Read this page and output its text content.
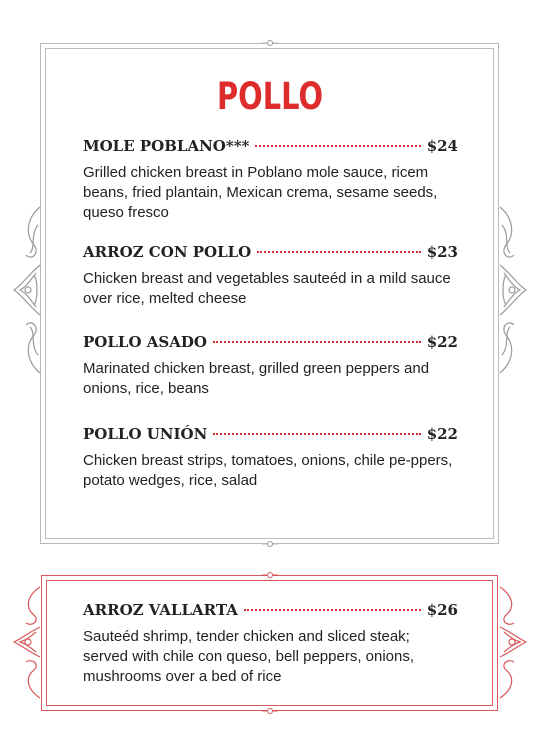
POLLO
MOLE POBLANO***	$24
Grilled chicken breast in Poblano mole sauce, ricem beans, fried plantain, Mexican crema, sesame seeds, queso fresco
ARROZ CON POLLO	$23
Chicken breast and vegetables sauteéd in a mild sauce over rice, melted cheese
POLLO ASADO	$22
Marinated chicken breast, grilled green peppers and onions, rice, beans
POLLO UNIÓN	$22
Chicken breast strips, tomatoes, onions, chile pe-ppers, potato wedges, rice, salad
ARROZ VALLARTA	$26
Sauteéd shrimp, tender chicken and sliced steak; served with chile con queso, bell peppers, onions, mushrooms over a bed of rice
